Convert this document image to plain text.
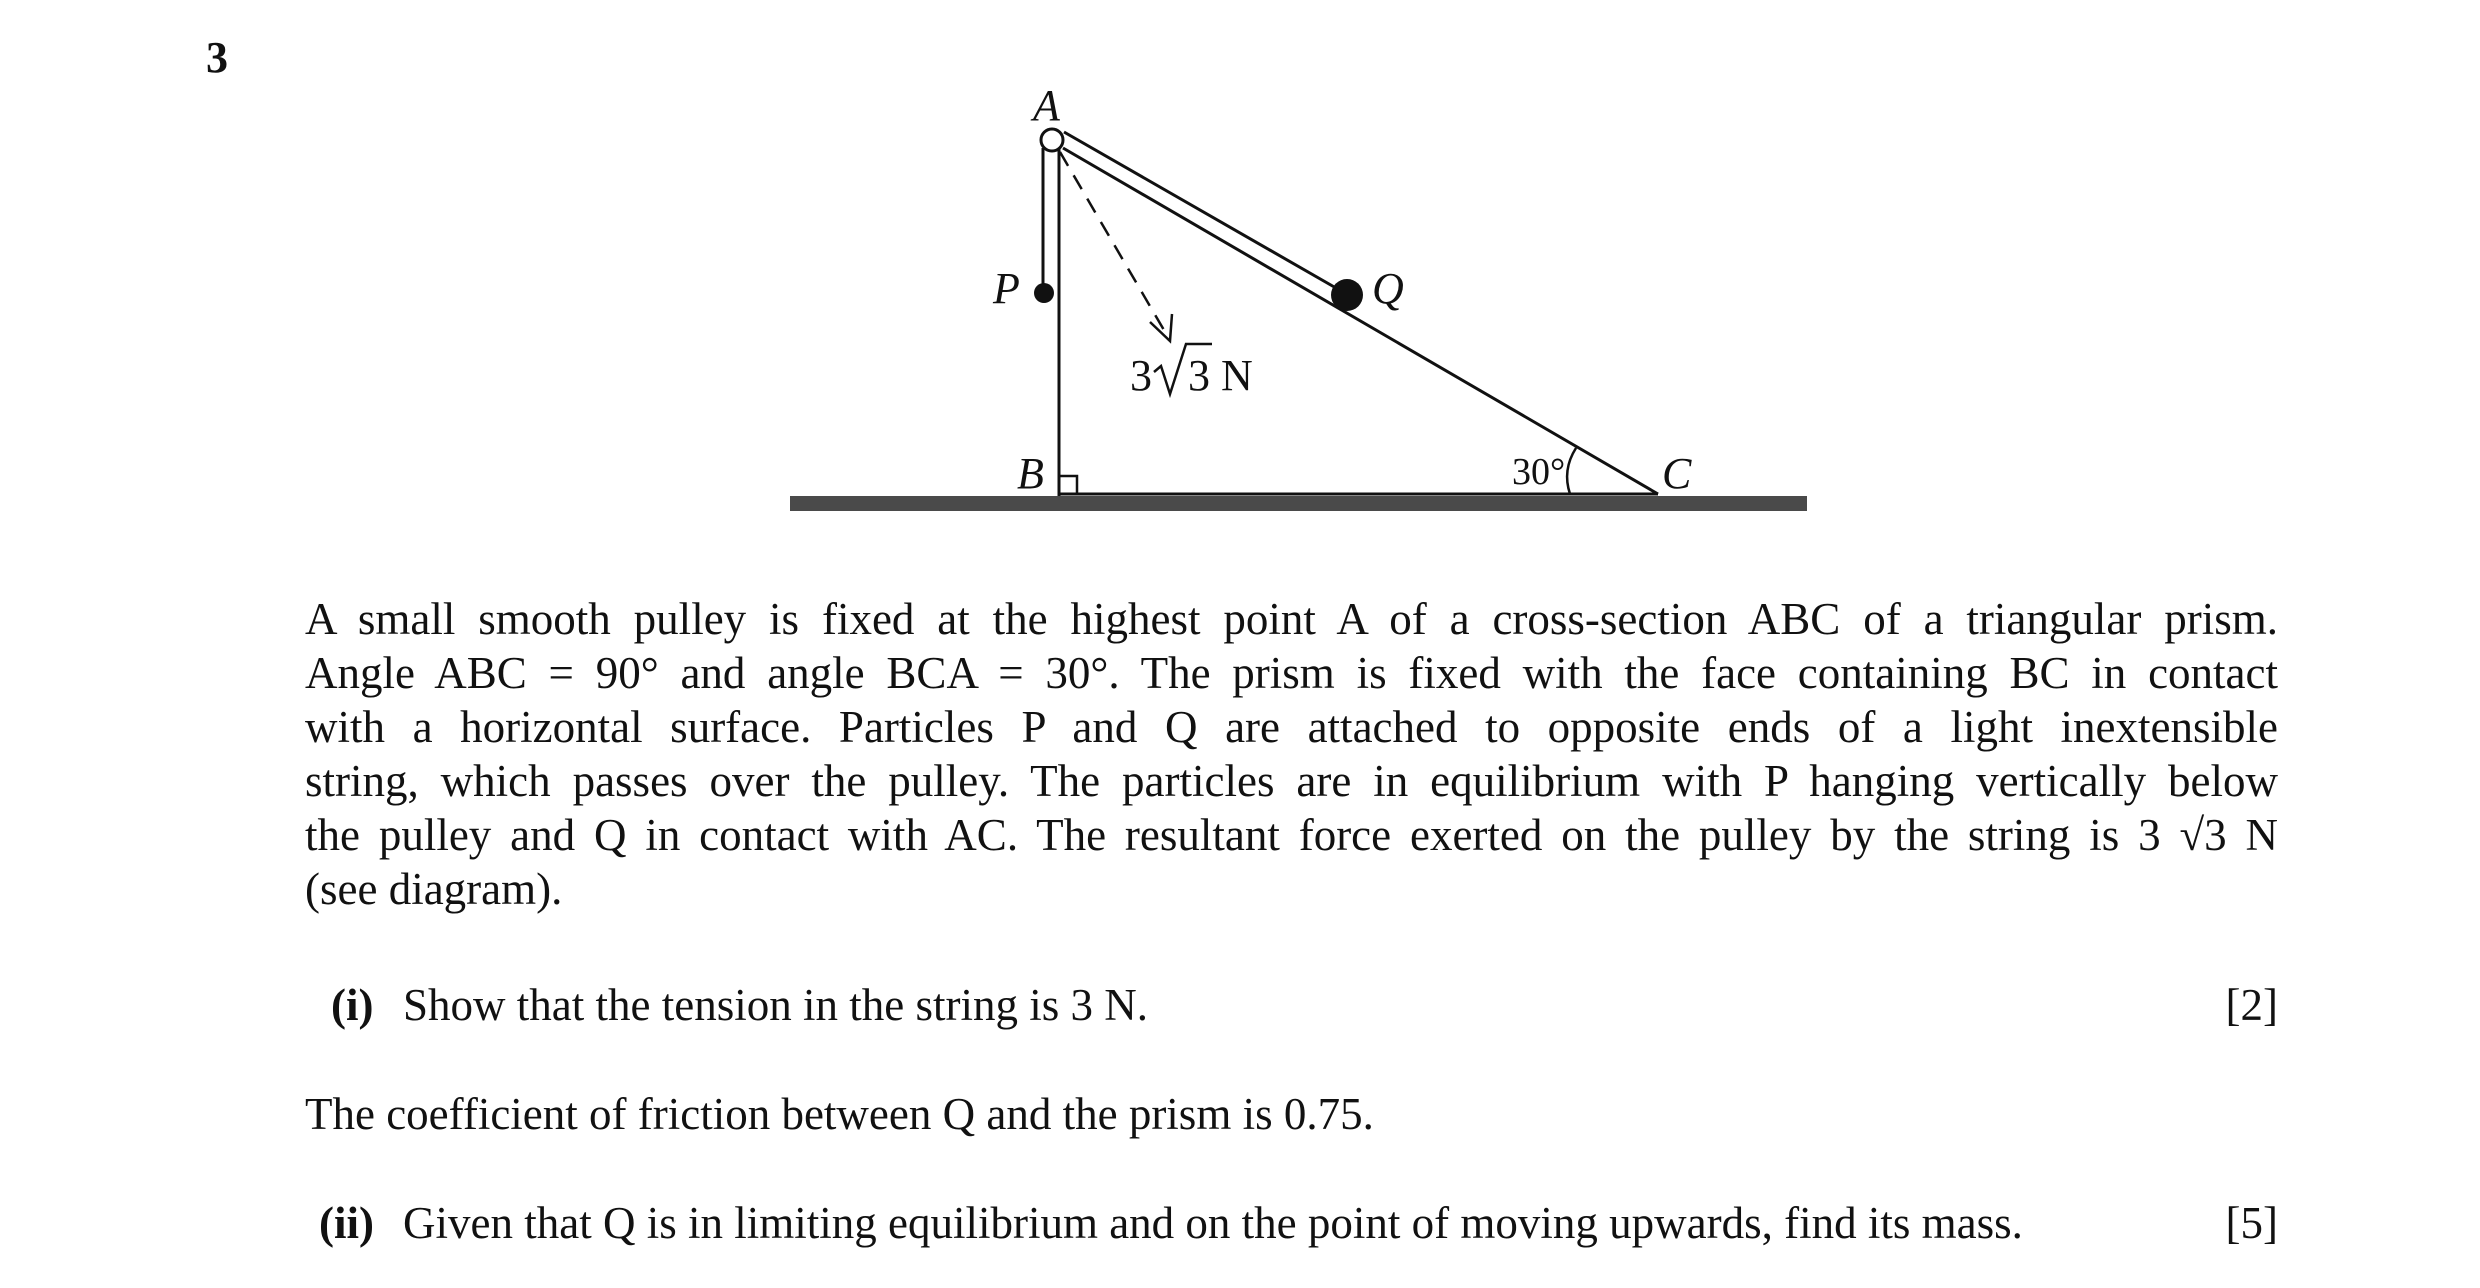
3
A
P	Q
B	C
30°
3 3 N
A small smooth pulley is fixed at the highest point A of a cross-section ABC of a triangular prism.
Angle ABC = 90° and angle BCA = 30°. The prism is fixed with the face containing BC in contact
with a horizontal surface. Particles P and Q are attached to opposite ends of a light inextensible
string, which passes over the pulley. The particles are in equilibrium with P hanging vertically below
the pulley and Q in contact with AC. The resultant force exerted on the pulley by the string is 3 √3 N
(see diagram).
(i) Show that the tension in the string is 3 N.	[2]
The coefficient of friction between Q and the prism is 0.75.
(ii) Given that Q is in limiting equilibrium and on the point of moving upwards, find its mass.	[5]
